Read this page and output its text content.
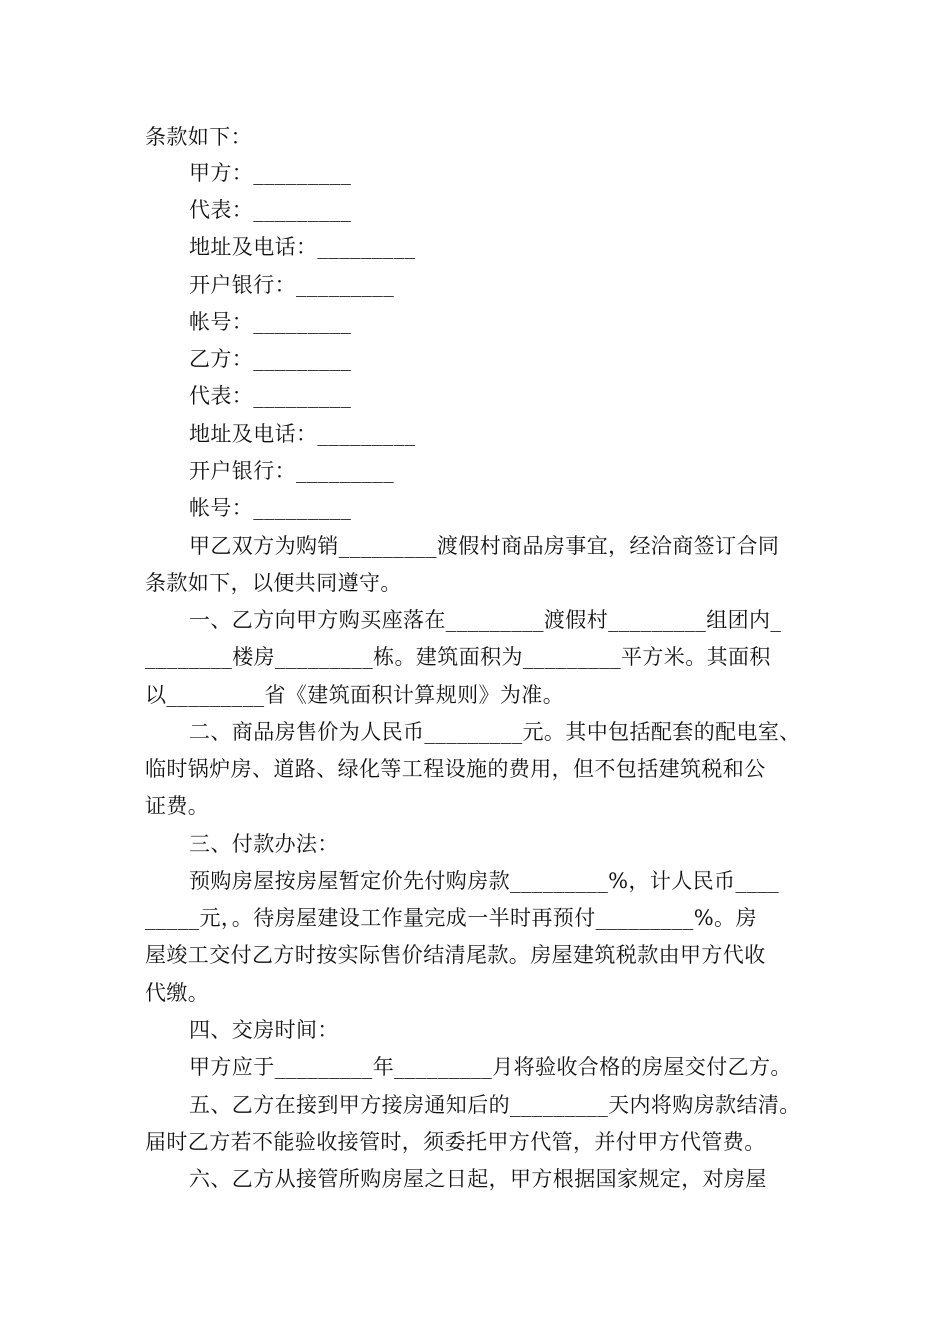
条款如下：
甲方：_________
代表：_________
地址及电话：_________
开户银行：_________
帐号：_________
乙方：_________
代表：_________
地址及电话：_________
开户银行：_________
帐号：_________
甲乙双方为购销_________渡假村商品房事宜，经洽商签订合同
条款如下，以便共同遵守。
一、乙方向甲方购买座落在_________渡假村_________组团内_
________楼房_________栋。建筑面积为_________平方米。其面积
以_________省《建筑面积计算规则》为准。
二、商品房售价为人民币_________元。其中包括配套的配电室、
临时锅炉房、道路、绿化等工程设施的费用，但不包括建筑税和公
证费。
三、付款办法：
预购房屋按房屋暂定价先付购房款_________%，计人民币____
_____元，。待房屋建设工作量完成一半时再预付_________%。房
屋竣工交付乙方时按实际售价结清尾款。房屋建筑税款由甲方代收
代缴。
四、交房时间：
甲方应于_________年_________月将验收合格的房屋交付乙方。
五、乙方在接到甲方接房通知后的_________天内将购房款结清。
届时乙方若不能验收接管时，须委托甲方代管，并付甲方代管费。
六、乙方从接管所购房屋之日起，甲方根据国家规定，对房屋
